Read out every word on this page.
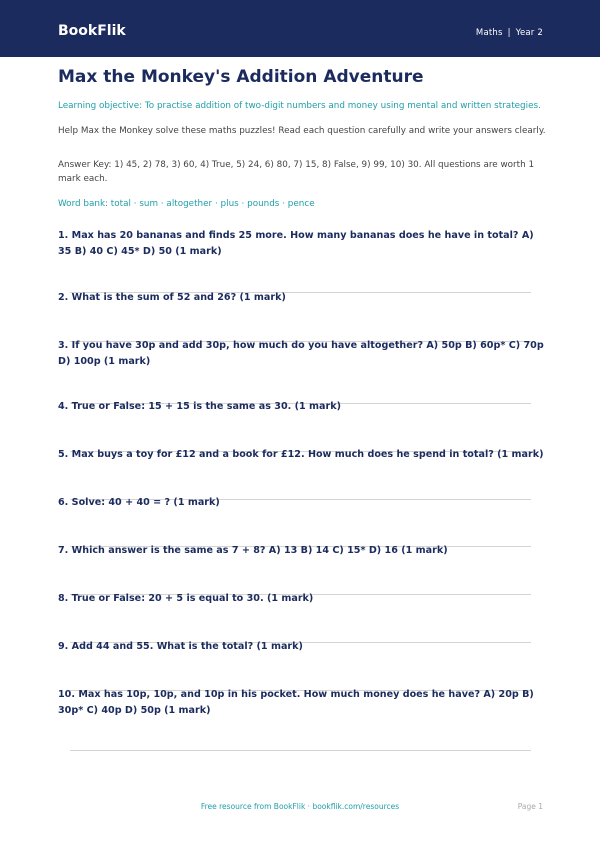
BookFlik	Maths | Year 2
Max the Monkey's Addition Adventure
Learning objective: To practise addition of two-digit numbers and money using mental and written strategies.
Help Max the Monkey solve these maths puzzles! Read each question carefully and write your answers clearly.
Answer Key: 1) 45, 2) 78, 3) 60, 4) True, 5) 24, 6) 80, 7) 15, 8) False, 9) 99, 10) 30. All questions are worth 1 mark each.
Word bank: total · sum · altogether · plus · pounds · pence
1. Max has 20 bananas and finds 25 more. How many bananas does he have in total? A) 35 B) 40 C) 45* D) 50 (1 mark)
2. What is the sum of 52 and 26? (1 mark)
3. If you have 30p and add 30p, how much do you have altogether? A) 50p B) 60p* C) 70p D) 100p (1 mark)
4. True or False: 15 + 15 is the same as 30. (1 mark)
5. Max buys a toy for £12 and a book for £12. How much does he spend in total? (1 mark)
6. Solve: 40 + 40 = ? (1 mark)
7. Which answer is the same as 7 + 8? A) 13 B) 14 C) 15* D) 16 (1 mark)
8. True or False: 20 + 5 is equal to 30. (1 mark)
9. Add 44 and 55. What is the total? (1 mark)
10. Max has 10p, 10p, and 10p in his pocket. How much money does he have? A) 20p B) 30p* C) 40p D) 50p (1 mark)
Free resource from BookFlik · bookflik.com/resources	Page 1
